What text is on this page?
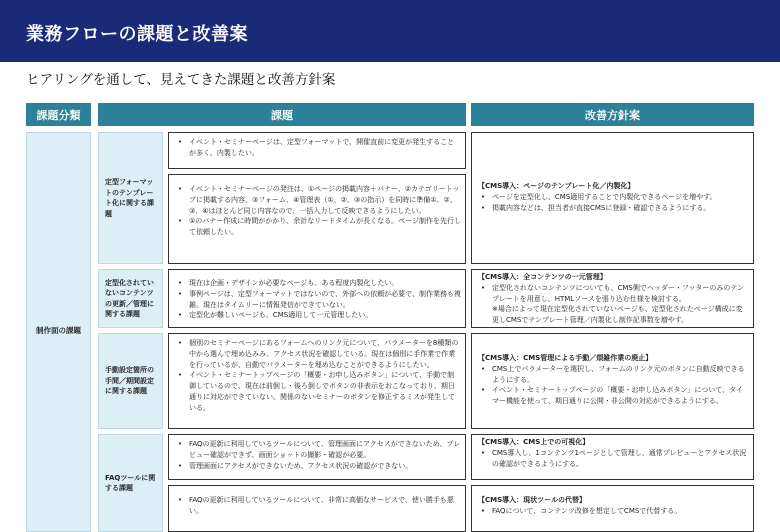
業務フローの課題と改善案
ヒアリングを通して、見えてきた課題と改善方針案
課題分類	課題	改善方針案
制作面の課題
定型フォーマットのテンプレート化に関する課題
定型化されていないコンテンツの更新／管理に関する課題
手動設定箇所の手間／期間設定に関する課題
FAQツールに関する課題
• イベント・セミナーページは、定型フォーマットで、開催直前に変更が発生することが多く、内製したい。
• イベント・セミナーページの発注は、①ページの掲載内容＋バナー、②カテゴリートップに掲載する内容、③フォーム、④管理表（①、②、③の指示）を同時に準備①、②、③、④はほとんど同じ内容なので、一括入力して反映できるようにしたい。
• ①のバナー作成に時間がかかり、余計なリードタイムが長くなる。ページ制作を先行して依頼したい。
• 現在は企画・デザインが必要なページも、ある程度内製化したい。
• 事例ページは、定型フォーマットではないので、外部への依頼が必要で、制作業務も複雑。現在はタイムリーに情報発信ができていない。
• 定型化が難しいページも、CMS適用して一元管理したい。
• 個別のセミナーページにあるフォームへのリンク元について、パラメーターを8種類の中から選んで埋め込みみ、アクセス状況を確認している。現在は個別に手作業で作業を行っているが、自動でパラメーターを埋め込むことができるようにしたい。
• イベント・セミナートップページの「概要・お申し込みボタン」について、手動で制御しているので、現在は前倒し・後ろ倒しでボタンの非表示をおこなっており、期日通りに対応ができていない。関係のないセミナーのボタンを修正するミスが発生している。
• FAQの更新に利用しているツールについて、管理画面にアクセスができないため、プレビュー確認ができず、画面ショットの撮影・確認が必要。
• 管理画面にアクセスができないため、アクセス状況の確認ができない。
• FAQの更新に利用しているツールについて、非常に高価なサービスで、使い勝手も悪い。
【CMS導入：ページのテンプレート化／内製化】
• ページを定型化し、CMS適用することで内製化できるページを増やす。
• 掲載内容などは、担当者が直接CMSに登録・確認できるようにする。
【CMS導入：全コンテンツの一元管理】
• 定型化されないコンテンツについても、CMS側でヘッダー・フッターのみのテンプレートを用意し、HTMLソースを張り込む仕様を検討する。
※場合によって現在定型化されていないページも、定型化されたページ構成に変更しCMSでテンプレート管理／内製化し制作記事数を増やす。
【CMS導入：CMS管理による手動／煩雑作業の廃止】
• CMS上でパラメーターを選択し、フォームのリンク元のボタンに自動反映できるようにする。
• イベント・セミナートップページの「概要・お申し込みボタン」について、タイマー機能を使って、期日通りに公開・非公開の対応ができるようにする。
【CMS導入：CMS上での可視化】
• CMS導入し、1コンテンツ1ページとして管理し、通常プレビューとアクセス状況の確認ができるようにする。
【CMS導入：現状ツールの代替】
• FAQについて、コンテンツ改修を想定してCMSで代替する。
